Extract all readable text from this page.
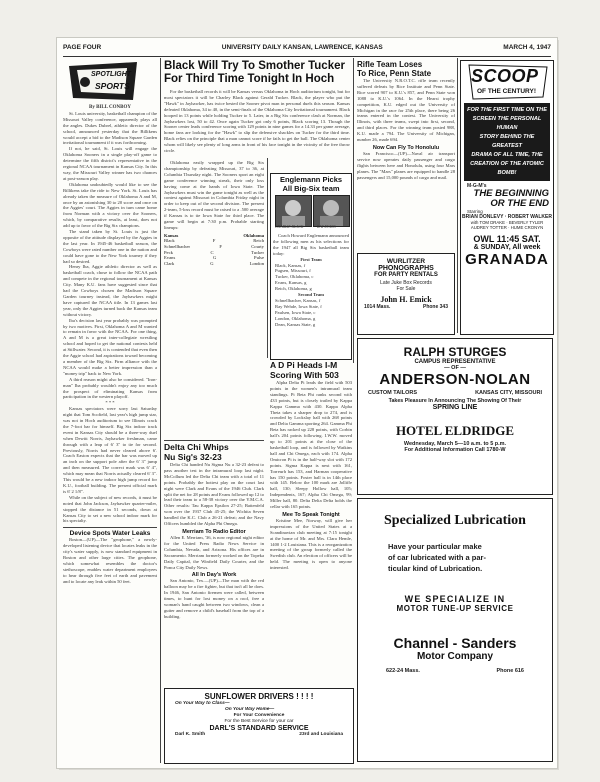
PAGE FOUR	UNIVERSITY DAILY KANSAN, LAWRENCE, KANSAS	MARCH 4, 1947
SPOTLIGHT
SPORTS
By BILL CONBOY
St. Louis university, basketball champion of the Missouri Valley conference, apparently plays all the angles. Dukes Dubrel, athletic director of the school, announced yesterday that the Billikens would accept a bid to the Madison Square Garden invitational tournament if it was forthcoming.
If not, he said, St. Louis will engage the Oklahoma Sooners in a single play-off game to determine the fifth district's representative in the regional NCAA tournament in Kansas City. In this way, the Missouri Valley winner has two chances at post-season play.
Oklahoma undoubtedly would like to see the Billikens take the ride to New York. St. Louis has already taken the measure of Oklahoma A and M, once by an astonishing 30 to 20 score and once on the Aggies' court. The Aggies in turn came home from Norman with a victory over the Sooners, which, by comparative results, at least, does not add up to favor of the Big Six champions.
The stand taken by St. Louis is just the opposite of the attitude displayed by the Aggies in the last year. In 1945-46 basketball season, the Cowboys were rated number one in the nation and could have gone to the New York tourney if they had so desired.
Henry Iba, Aggie athletic director as well as basketball coach, chose to follow the NCAA path and compete in the regional tournament at Kansas City. Many K.U. fans have suggested since that had the Cowboys chosen the Madison Square Garden tourney instead, the Jayhawkers might have captured the NCAA title. In 13 games last year, only the Aggies turned back the Kansas team without victory.
Iba's decision last year probably was prompted by two motives. First, Oklahoma A and M wanted to remain in favor with the NCAA. For one thing, A and M is a great inter-collegiate wrestling school and hoped to get the national contests held at Stillwater. Second, it is contended that even then the Aggie school had aspirations toward becoming a member of the Big Six. Firm alliance with the NCAA would make a better impression than a "money trip" back to New York.
A third reason might also be considered. "Iron-man" Iba probably wouldn't enjoy any too much the prospect of eliminating Kansas from participation in the western playoff.
* * *
Kansas spectators were sorry last Saturday night that Tom Scofield, last year's high jump star, was not in Hoch auditorium to see Illinois crack the 7-foot bar for himself. Big Six indoor track event in Kansas City should be a three-way duel when Dewitt Norris, Jayhawker freshman, came through with a leap of 6' 3" to tie for second. Previously, Norris had never cleared above 6'. Coach Easton expects that the bar was moved up an inch on the support pole after the 6' 3" jump and then measured. The correct mark was 6' 4", which may mean that Norris actually cleared 6' 3". This would be a new indoor high jump record for K.U., football building. The present official mark is 6' 2 1/8".
While on the subject of new records, it must be noted that John Jackson, Jayhawker quarter-miler, stopped the distance in 51 seconds, down at Kansas City to set a new school indoor mark for his specialty.
Device Spots Water Leaks
Boston—(UP)—The "geophone," a newly-developed listening device that locates leaks in the city's water supply, is now standard equipment in Boston and other large cities. The geophone, which somewhat resembles the doctor's stethoscope, enables water department employees to hear through five feet of earth and pavement and to locate any leak within 50 feet.
Black Will Try To Smother Tucker
For Third Time Tonight In Hoch
For the basketball records it will be Kansas versus Oklahoma in Hoch auditorium tonight, but for most spectators it will be Charley Black against Gerald Tucker. Black, the player who put the "Hawk" in Jayhawker, has twice bested the Sooner pivot man in personal duels this season. Kansas defeated Oklahoma, 34 to 40, in the semi-finals of the Oklahoma City Invitational tournament. Black hooped in 13 points while holding Tucker to 5. Later, in a Big Six conference clash at Norman, the Jayhawkers lost, 50 to 42. Once again Tucker got only 6 points, Black scoring 13. Though the Sooner center leads conference scoring with 129 points in nine games for a 14.33 per game average, home fans are looking for the "Hawk" to slip the defensive shackles on Tucker for the third time. Black relies on the principle that a man cannot score if he fails to get the ball. The Oklahoma center whom will likely see plenty of long arms in front of his face tonight in the vicinity of the free throw circle.
Oklahoma easily wrapped up the Big Six championship by defeating Missouri, 37 to 36, at Columbia Thursday night. The Sooners sport an eight game conference winning streak, their only loss having come at the hands of Iowa State. The Jayhawkers must win the game tonight as well as the contest against Missouri in Columbia Friday night in order to keep out of the second division. The present 2-team, 5-loss record must be raised to a .500 average if Kansas is to tie Iowa State for third place. The game will begin at 7:30 p.m. Probable starting lineups:
Kansas	Oklahoma
Black	F	Reich
Schnellbacher	F	Courty
Peck	C	Tucker
Evans	G	Pulse
Clark	G	London
Englemann Picks
All Big-Six team
CHARLIE BLACK	RAY EVANS
Coach Howard Englemann announced the following men as his selections for the 1947 all Big Six basketball team today:
First Team
Black, Kansas, f
Pugsen, Missouri, f
Tucker, Oklahoma, c
Evans, Kansas, g
Reich, Oklahoma, g
Second Team
Schnellbacher, Kansas, f
Ray Wehde, Iowa State, f
Paulsen, Iowa State, c
London, Oklahoma, g
Dean, Kansas State, g
Delta Chi Whips
Nu Sig's 32-23
Delta Chi handed Nu Sigma Nu a 32-23 defeat to pass another test in the intramural loop last night. McCollum led the Delta Chi team with a total of 11 points. Probably the hottest play on the court last night were Clark and Evans of the 1946 Club. Clark split the net for 28 points and Evans followed up 12 to lead their team to a 58-38 victory over the Y.M.C.A. Other results: Tau Kappa Epsilon 27-25; Battenfeld won over the 1937 Club 45-25; the Wichita Seven handled the K.C. Club a 26-21 defeat; and the Navy Officers humbled the Alpha Phi Omega.
Merriam To Radio Editor
Allen E. Merriam, '36, is now regional night editor for the United Press Radio News Service in Columbia, Nevada, and Arizona. His offices are in Sacramento. Merriam formerly worked on the Topeka Daily Capital, the Winfield Daily Courier, and the Ponca City Daily News.
All In Day's Work
San Antonio, Tex.—(UP)—The man with the red balloon may be a fire fighter, but that isn't all he does. In 1946, San Antonio firemen were called, between times, to hunt for lost money on a roof, free a woman's hand caught between two windows, clean a gutter and remove a child's baseball from the top of a building.
A D Pi Heads I-M
Scoring With 503
Alpha Delta Pi leads the field with 503 points in the women's intramural team standings. Pi Beta Phi ranks second with 433 points, but is closely trailed by Kappa Kappa Gamma with 430. Kappa Alpha Theta takes a sharper drop to 274, and is crowded by Lockslay hall with 268 points and Delta Gamma sporting 264. Gamma Phi Beta has racked up 228 points, with Corbin hall's 204 points following. I.W.W. moved up to 201 points at the close of the basketball loop, and is followed by Watkins hall and Chi Omega, each with 174. Alpha Omicron Pi is in the half-way slot with 172 points. Sigma Kappa is next with 161, Torreurh has 153, and Harman cooperative has 150 points. Foster hall is in 14th place with 145. Below the 100 mark are Jolliffe hall, 130; Sleepy Hollow hall, 105; Independents, 167; Alpha Chi Omega, 99; Miller hall, 80. Delta Delta Delta holds the cellar with 165 points.
Mee To Speak Tonight
Kristine Mee, Norway, will give her impressions of the United States at a Scandinavian club meeting at 7:15 tonight at the home of Mr. and Mrs. Clara Hemle, 1400 1-2 Louisiana. This is a reorganization meeting of the group formerly called the Swedish club. An election of officers will be held. The meeting is open to anyone interested.
SUNFLOWER DRIVERS ! ! ! !
On Your Way to Class—
On Your Way Home—
For Your Convenience
For the Best Service for your car
DARL'S STANDARD SERVICE
Darl K. Smith	23rd and Louisiana
Rifle Team Loses
To Rice, Penn State
The University N.R.O.T.C. rifle team recently suffered defeats by Rice Institute and Penn State. Rice scored 907 to K.U.'s 857, and Penn State won 1088 to K.U.'s 1064. In the Hearst trophy competition, K.U. edged out the University of Michigan in the race for 25th place, there being 26 teams entered in the contest. The University of Illinois, with three teams, swept into first, second, and third places. For the winning team posted 988, K.U. made a 794. The University of Michigan, number 26, made 694.
Now Can Fly To Honolulu
San Francisco—(UP)—Naval air transport service now operates daily passenger and cargo flights between here and Honolulu, using four Mars planes. The "Mars" planes are equipped to handle 28 passengers and 15,000 pounds of cargo and mail.
WURLITZER
PHONOGRAPHS
FOR PARTY RENTALS
Late Juke Box Records
For Sale
John H. Emick
1014 Mass.	Phone 343
SCOOP
OF THE CENTURY!
FOR THE FIRST TIME ON THE
SCREEN THE PERSONAL HUMAN
STORY BEHIND THE GREATEST
DRAMA OF ALL TIME, THE
CREATION OF THE ATOMIC BOMB!
M-G-M's
THE BEGINNING OR THE END
Starring
BRIAN DONLEVY · ROBERT WALKER
with TOM DRAKE · BEVERLY TYLER
AUDREY TOTTER · HUME CRONYN
OWL 11:45 SAT.
& SUNDAY, All week
GRANADA
RALPH STURGES
CAMPUS REPRESENTATIVE
— OF —
ANDERSON-NOLAN
CUSTOM TAILORS	KANSAS CITY, MISSOURI
Takes Pleasure In Announcing The Showing Of Their
SPRING LINE
HOTEL ELDRIDGE
Wednesday, March 5—10 a.m. to 5 p.m.
For Additional Information Call 1780-W
Specialized Lubrication
Have your particular make
of car lubricated with a par-
ticular kind of Lubrication.
WE SPECIALIZE IN
MOTOR TUNE-UP SERVICE
Channel - Sanders
Motor Company
622-24 Mass.	Phone 616
